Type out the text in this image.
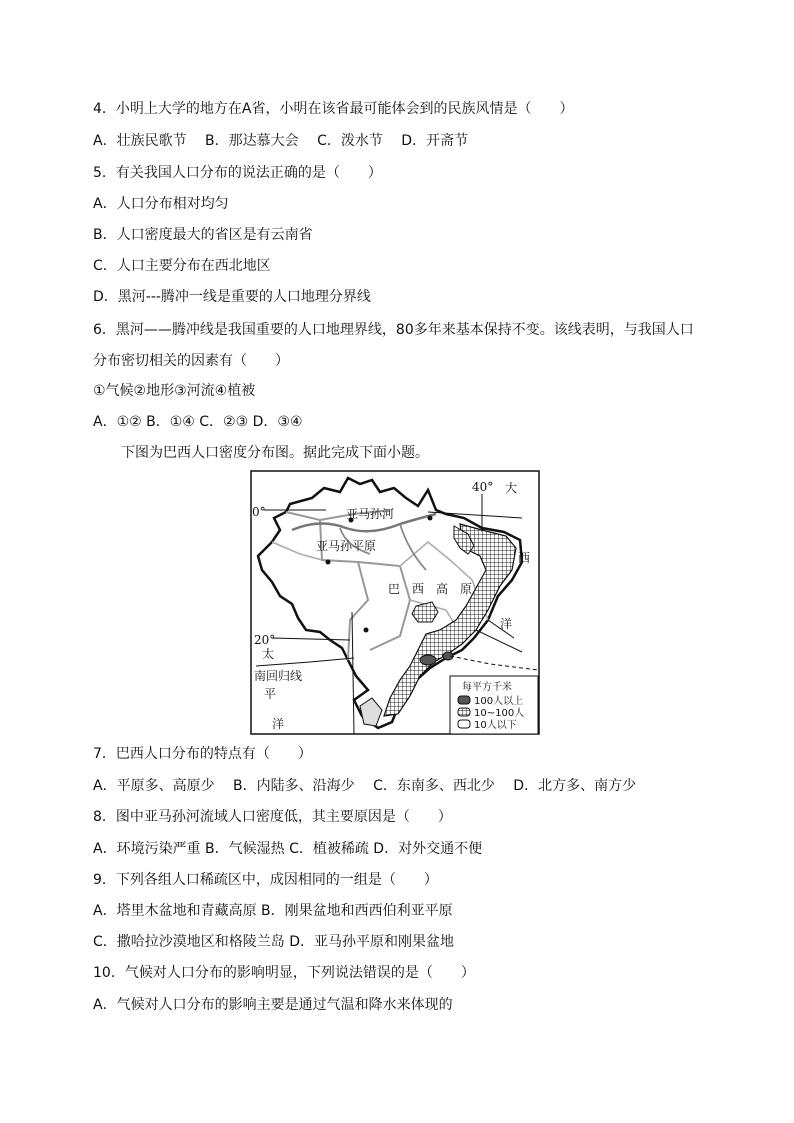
4．小明上大学的地方在A省，小明在该省最可能体会到的民族风情是（　　）
A．壮族民歌节　 B．那达慕大会　 C．泼水节　 D．开斋节
5．有关我国人口分布的说法正确的是（　　）
A．人口分布相对均匀
B．人口密度最大的省区是有云南省
C．人口主要分布在西北地区
D．黑河---腾冲一线是重要的人口地理分界线
6．黑河——腾冲线是我国重要的人口地理界线，80多年来基本保持不变。该线表明，与我国人口
分布密切相关的因素有（　　）
①气候②地形③河流④植被
A．①② B．①④ C．②③ D．③④
下图为巴西人口密度分布图。据此完成下面小题。
0°
20°
40°
亚马孙河
亚马孙平原
巴　西　高　原
南回归线
大
西
洋
太
平
洋
每平方千米
100人以上
10~100人
10人以下
7．巴西人口分布的特点有（　　）
A．平原多、高原少　 B．内陆多、沿海少　 C．东南多、西北少　 D．北方多、南方少
8．图中亚马孙河流域人口密度低，其主要原因是（　　）
A．环境污染严重 B．气候湿热 C．植被稀疏 D．对外交通不便
9．下列各组人口稀疏区中，成因相同的一组是（　　）
A．塔里木盆地和青藏高原 B．刚果盆地和西西伯利亚平原
C．撒哈拉沙漠地区和格陵兰岛 D．亚马孙平原和刚果盆地
10．气候对人口分布的影响明显，下列说法错误的是（　　）
A．气候对人口分布的影响主要是通过气温和降水来体现的
